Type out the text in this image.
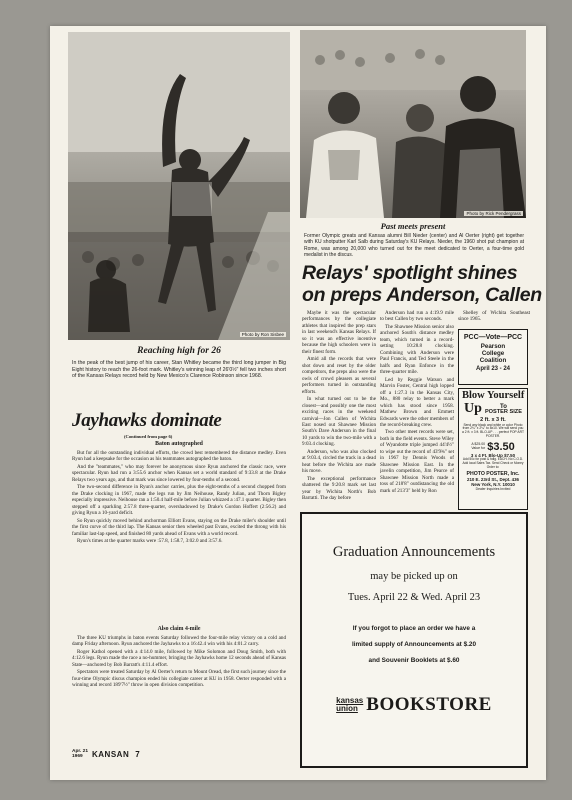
Photo by Ron Sisbee
Reaching high for 26
In the peak of the best jump of his career, Stan Whitley became the third long jumper in Big Eight history to reach the 26-foot mark. Whitley's winning leap of 26'0½" fell two inches short of the Kansas Relays record held by New Mexico's Clarence Robinson since 1968.
Photo by Rick Pendergrass
Past meets present
Former Olympic greats and Kansas alumni Bill Nieder (center) and Al Oerter (right) get together with KU shotputter Karl Salb during Saturday's KU Relays. Nieder, the 1960 shot put champion at Rome, was among 20,000 who turned out for the meet dedicated to Oerter, a four-time gold medalist in the discus.
Relays' spotlight shines
on preps Anderson, Callen

Maybe it was the spectacular performances by the collegiate athletes that inspired the prep stars in last weekend's Kansas Relays. If so it was an effective incentive because the high schoolers were in their finest form.

Amid all the records that were shot down and reset by the older competitors, the preps also were the owls of crowd pleasers as several performers turned in outstanding efforts.

In what turned out to be the closest—and possibly one the most exciting races in the weekend carnival—Jon Callen of Wichita East nosed out Shawnee Mission South's Dave Anderson in the final 10 yards to win the two-mile with a 9:03.4 clocking.

Anderson, who was also clocked at 9:03.4, circled the track in a dead heat before the Wichita ace made his move.

The exceptional performance shattered the 9:20.8 mark set last year by Wichita North's Bob Barratti. The day before

Anderson had run a 4:19.9 mile to best Callen by two seconds.

The Shawnee Mission senior also anchored South's distance medley team, which turned in a record-setting 10:28.8 clocking. Combining with Anderson were Paul Francis, and Ted Steele in the halfs and Ryan Enfonce in the three-quarter mile.

Led by Reggie Watson and Marvin Foster, Central high lopped off a 1:27.3 in the Kansas City, Mo., 880 relay to better a mark which has stood since 1958. Mathew Brown and Emmett Edwards were the other members of the record-breaking crew.

Two other meet records were set, both in the field events. Steve Wiley of Wyandotte triple jumped 44'4½" to wipe out the record of 43'9¾" set in 1967 by Dennis Woods of Shawnee Mission East. In the javelin competition, Jim Pearce of Shawnee Mission North made a toss of 218'8" outdistancing the old mark of 213'3" held by Ron

Shelley of Wichita Southeast since 1965.

PCC—Vote—PCC
Pearson
College
Coalition
April 23 - 24
Blow Yourself
Up	To
POSTER SIZE
2 ft. x 3 ft.
Send any black and white or color Photo from 2¼" x 2¼" to 8x10. We will send you a 2 ft. x 3 ft. BLO-UP . . . perfect POP ART POSTER.
A $25.00 Value for $3.50
3 x 4 Ft. Blo-Up $7.50
Add 50c for post & hdlg. EACH. No C.O.D. Add local Sales Tax. Send Check or Money Order to:
PHOTO POSTER, Inc.
210 E. 23rd St., Dept. 436
New York, N.Y. 10010
Dealer Inquiries Invited
Jayhawks dominate
(Continued from page 6)
Baton autographed

But for all the outstanding individual efforts, the crowd best remembered the distance medley. Even Ryun had a keepsake for the occasion as his teammates autographed the baton.

And the "teammates," who may forever be anonymous since Ryun anchored the classic race, were spectacular. Ryun had run a 3:55.6 anchor when Kansas set a world standard of 9:33.8 at the Drake Relays two years ago, and that mark was since lowered by four-tenths of a second.

The two-second difference in Ryun's anchor carries, plus the eight-tenths of a second chopped from the Drake clocking in 1967, made the legs run by Jim Neihouse, Randy Julian, and Thorn Bigley especially impressive. Neihouse ran a 1:50.4 half-mile before Julian whizzed a :47.1 quarter. Bigley then stepped off a sparkling 2:57.8 three-quarter, overshadowed by Drake's Gordon Hoffert (2:56.2) and giving Ryun a 10-yard deficit.

So Ryun quickly moved behind anchorman Elliott Evans, staying on the Drake miler's shoulder until the first curve of the third lap. The Kansas senior then wheeled past Evans, excited the throng with his familiar last-lap speed, and finished 80 yards ahead of Evans with a world record.

Ryun's times at the quarter marks were :57.8, 1:58.7, 3:02.0 and 3:57.6.

Also claim 4-mile

The three KU triumphs in baton events Saturday followed the four-mile relay victory on a cold and damp Friday afternoon. Ryun anchored the Jayhawks to a 16:42.4 win with his 4:01.2 carry.

Roger Kathol opened with a 4:14.0 mile, followed by Mike Solomon and Doug Smith, both with 4:12.6 legs. Ryun made the race a no-hummer, bringing the Jayhawks home 12 seconds ahead of Kansas State—anchored by Bob Barratt's 4:11.4 effort.

Spectators were treated Saturday by Al Oerter's return to Mount Oread, the first such journey since the four-time Olympic discus champion ended his collegiate career at KU in 1958. Oerter responded with a winning and record 189'7½" throw in open division competition.

Graduation Announcements
may be picked up on
Tues. April 22 & Wed. April 23
If you forgot to place an order we have a
limited supply of Announcements at $.20
and Souvenir Booklets at $.60
kansas
union BOOKSTORE
Apr. 21
1969	KANSAN 7
